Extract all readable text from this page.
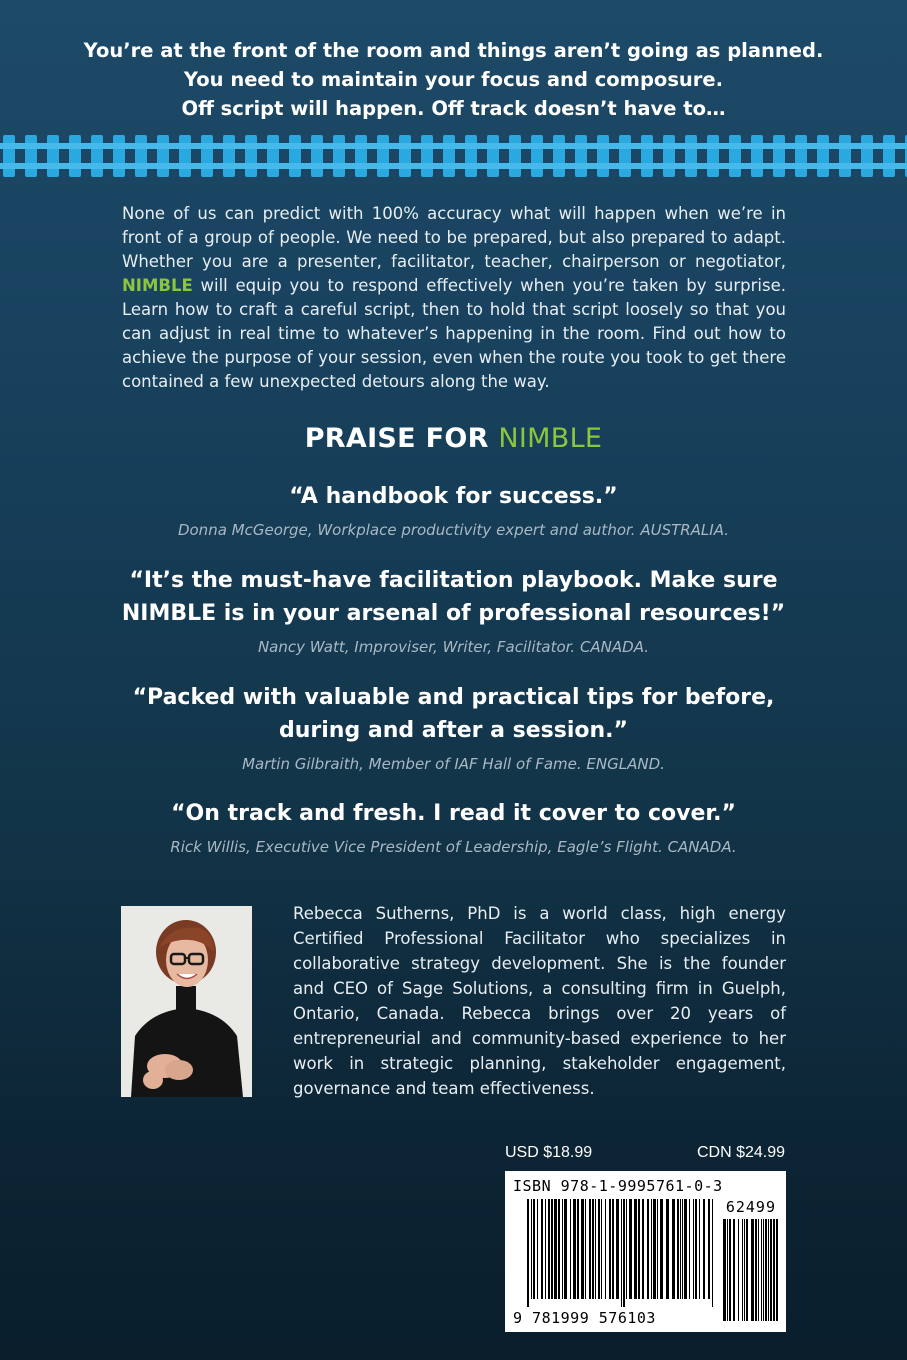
You’re at the front of the room and things aren’t going as planned.
You need to maintain your focus and composure.
Off script will happen. Off track doesn’t have to…

None of us can predict with 100% accuracy what will happen when we’re in front of a group of people. We need to be prepared, but also prepared to adapt. Whether you are a presenter, facilitator, teacher, chairperson or negotiator, NIMBLE will equip you to respond effectively when you’re taken by surprise. Learn how to craft a careful script, then to hold that script loosely so that you can adjust in real time to whatever’s happening in the room. Find out how to achieve the purpose of your session, even when the route you took to get there contained a few unexpected detours along the way.

PRAISE FOR NIMBLE

“A handbook for success.”

Donna McGeorge, Workplace productivity expert and author. AUSTRALIA.

“It’s the must-have facilitation playbook. Make sure
NIMBLE is in your arsenal of professional resources!”

Nancy Watt, Improviser, Writer, Facilitator. CANADA.

“Packed with valuable and practical tips for before,
during and after a session.”

Martin Gilbraith, Member of IAF Hall of Fame. ENGLAND.

“On track and fresh. I read it cover to cover.”

Rick Willis, Executive Vice President of Leadership, Eagle’s Flight. CANADA.

Rebecca Sutherns, PhD is a world class, high energy Certified Professional Facilitator who specializes in collaborative strategy development. She is the founder and CEO of Sage Solutions, a consulting firm in Guelph, Ontario, Canada. Rebecca brings over 20 years of entrepreneurial and community-based experience to her work in strategic planning, stakeholder engagement, governance and team effectiveness.

USD $18.99	CDN $24.99
ISBN 978-1-9995761-0-3
62499
9 781999 576103
